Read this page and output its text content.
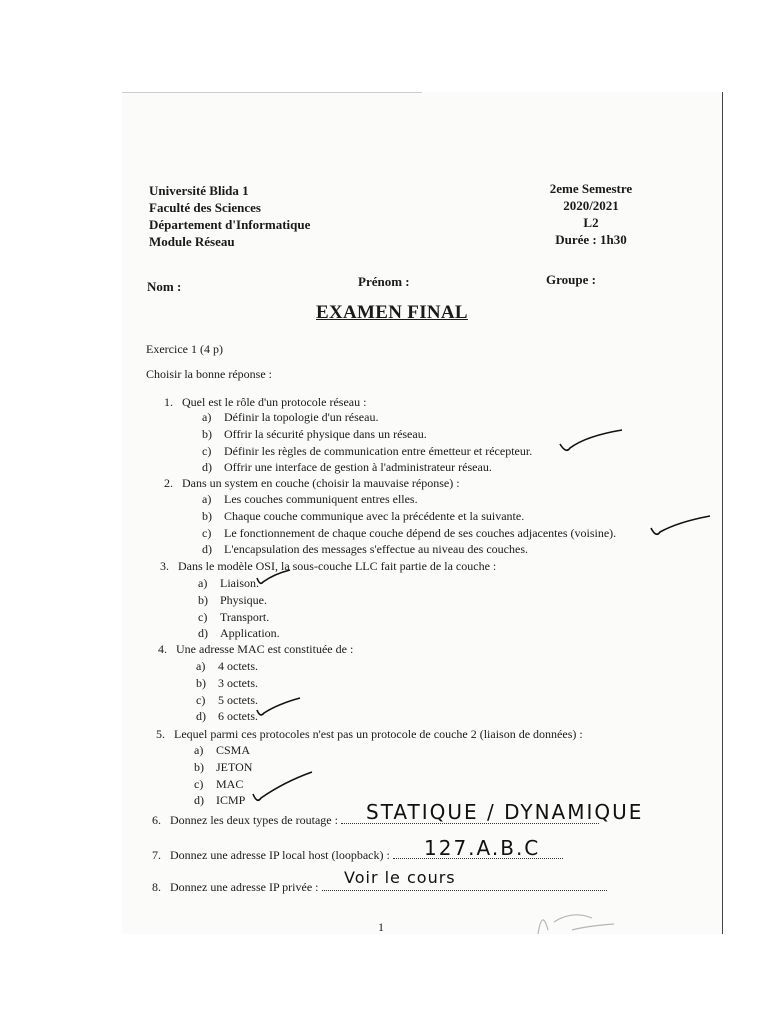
Université Blida 1
Faculté des Sciences
Département d'Informatique
Module Réseau
2eme Semestre
2020/2021
L2
Durée : 1h30
Nom :	Prénom :	Groupe :
EXAMEN FINAL
Exercice 1 (4 p)
Choisir la bonne réponse :
1. Quel est le rôle d'un protocole réseau :
a) Définir la topologie d'un réseau.
b) Offrir la sécurité physique dans un réseau.
c) Définir les règles de communication entre émetteur et récepteur.
d) Offrir une interface de gestion à l'administrateur réseau.
2. Dans un system en couche (choisir la mauvaise réponse) :
a) Les couches communiquent entres elles.
b) Chaque couche communique avec la précédente et la suivante.
c) Le fonctionnement de chaque couche dépend de ses couches adjacentes (voisine).
d) L'encapsulation des messages s'effectue au niveau des couches.
3. Dans le modèle OSI, la sous-couche LLC fait partie de la couche :
a) Liaison.
b) Physique.
c) Transport.
d) Application.
4. Une adresse MAC est constituée de :
a) 4 octets.
b) 3 octets.
c) 5 octets.
d) 6 octets.
5. Lequel parmi ces protocoles n'est pas un protocole de couche 2 (liaison de données) :
a) CSMA
b) JETON
c) MAC
d) ICMP
6. Donnez les deux types de routage :	STATIQUE / DYNAMIQUE
7. Donnez une adresse IP local host (loopback) :	127.A.B.C
8. Donnez une adresse IP privée :	Voir le cours
1
